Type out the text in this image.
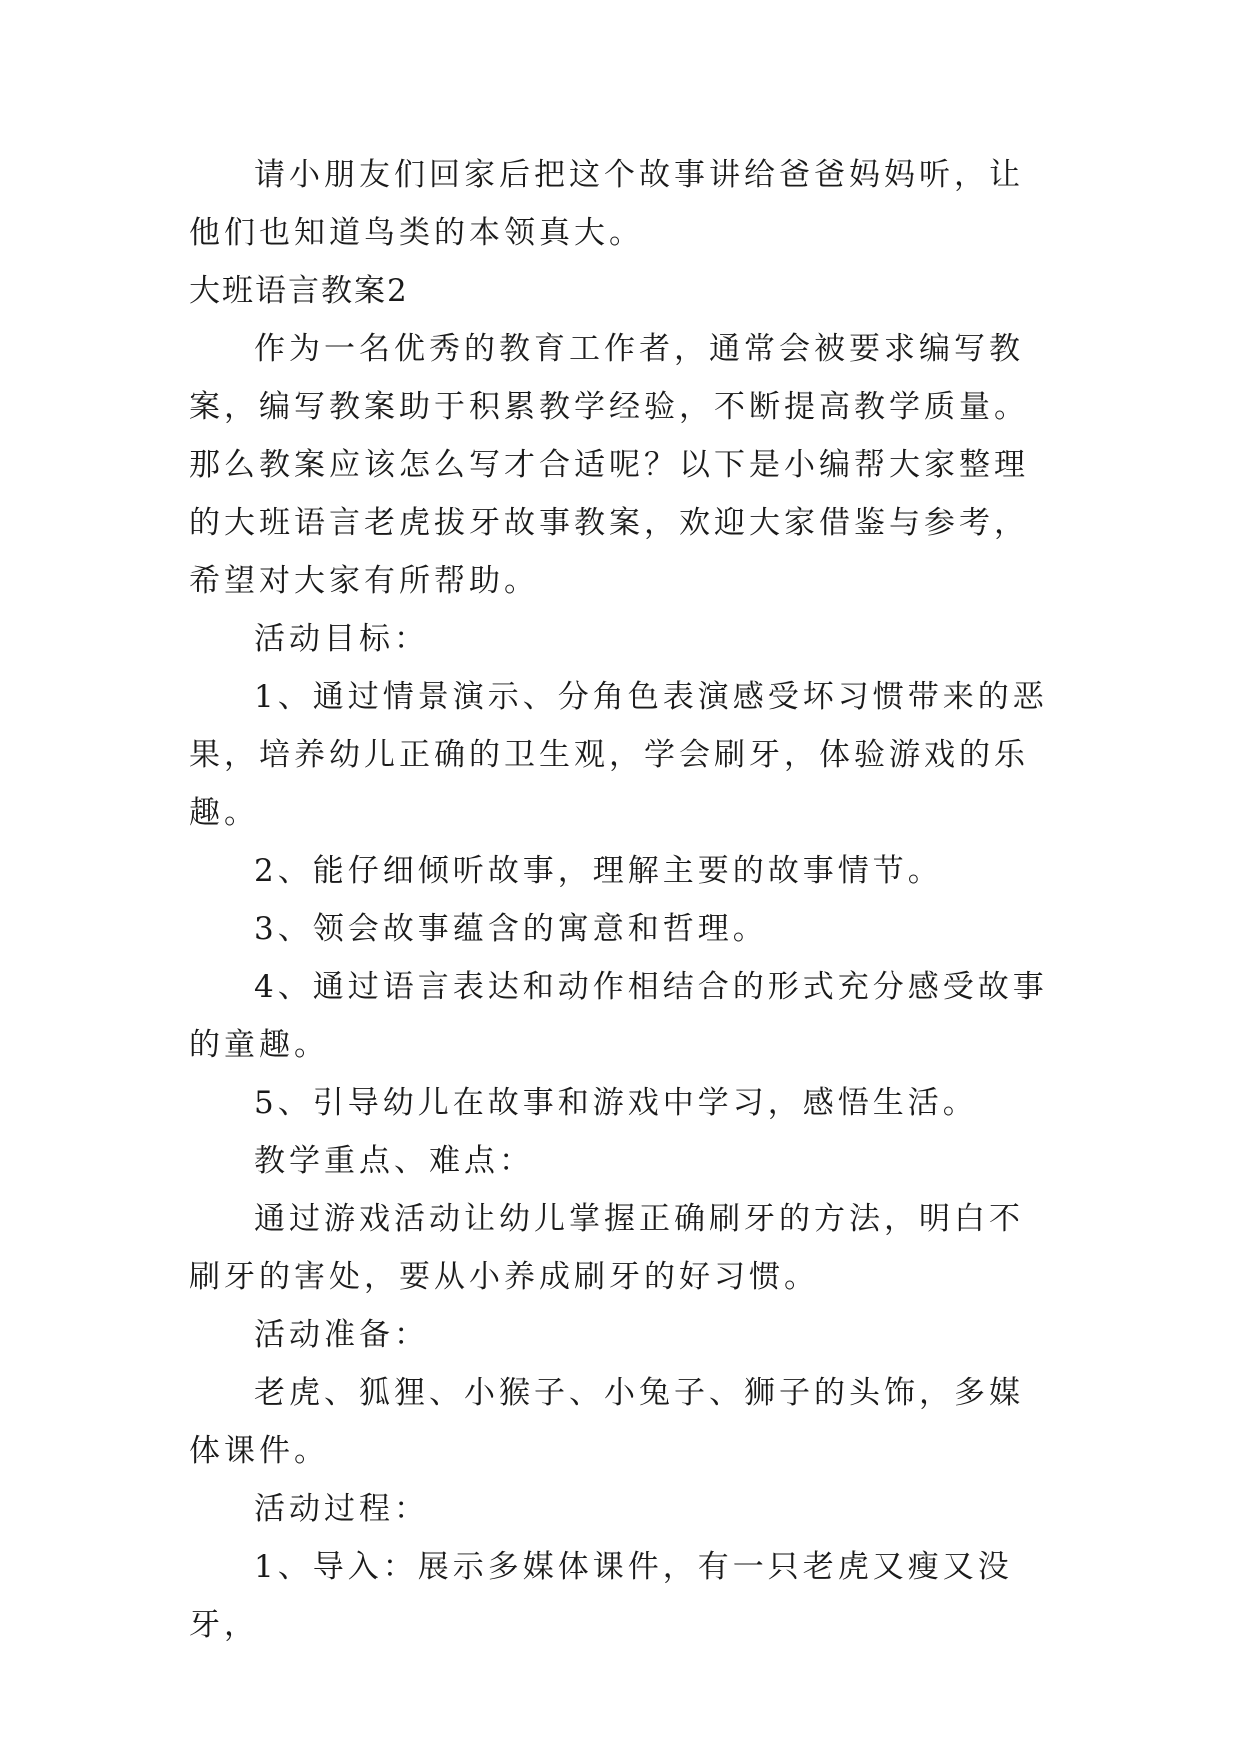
请小朋友们回家后把这个故事讲给爸爸妈妈听，让他们也知道鸟类的本领真大。

大班语言教案2

作为一名优秀的教育工作者，通常会被要求编写教案，编写教案助于积累教学经验，不断提高教学质量。那么教案应该怎么写才合适呢？以下是小编帮大家整理的大班语言老虎拔牙故事教案，欢迎大家借鉴与参考，希望对大家有所帮助。

活动目标：

1、通过情景演示、分角色表演感受坏习惯带来的恶果，培养幼儿正确的卫生观，学会刷牙，体验游戏的乐趣。

2、能仔细倾听故事，理解主要的故事情节。

3、领会故事蕴含的寓意和哲理。

4、通过语言表达和动作相结合的形式充分感受故事的童趣。

5、引导幼儿在故事和游戏中学习，感悟生活。

教学重点、难点：

通过游戏活动让幼儿掌握正确刷牙的方法，明白不刷牙的害处，要从小养成刷牙的好习惯。

活动准备：

老虎、狐狸、小猴子、小兔子、狮子的头饰，多媒体课件。

活动过程：

1、导入：展示多媒体课件，有一只老虎又瘦又没牙，
